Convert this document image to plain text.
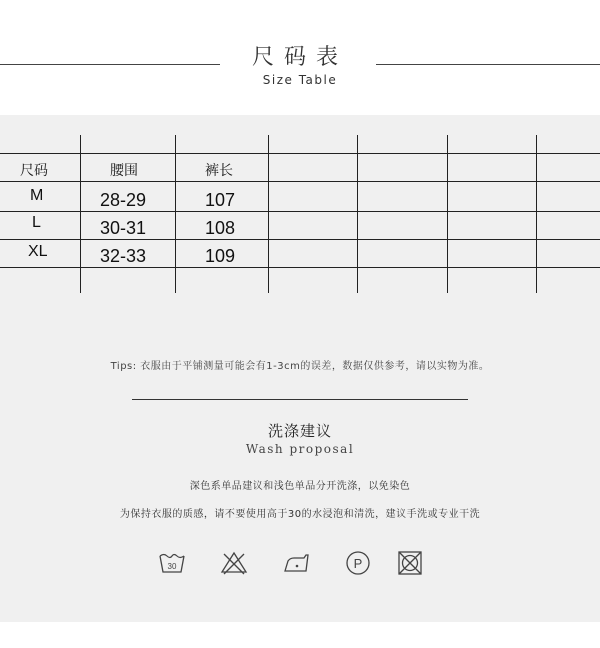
尺码表
Size Table
尺码	腰围	裤长
M	28-29	107
L	30-31	108
XL	32-33	109
Tips: 衣服由于平铺测量可能会有1-3cm的误差，数据仅供参考，请以实物为准。
洗涤建议
Wash proposal
深色系单品建议和浅色单品分开洗涤，以免染色
为保持衣服的质感，请不要使用高于30的水浸泡和清洗，建议手洗或专业干洗
30	P
